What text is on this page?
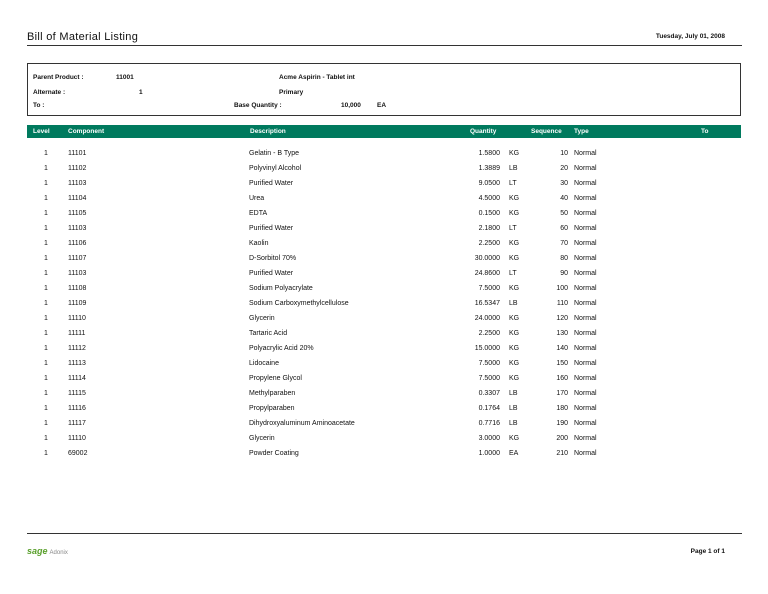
Bill of Material Listing	Tuesday, July 01, 2008
Parent Product :	11001	Acme Aspirin - Tablet int
Alternate :	1	Primary
To :	Base Quantity :	10,000 EA
Level	Component	Description	Quantity	Sequence Type	To
1	11101	Gelatin - B Type	1.5800 KG	10 Normal
1	11102	Polyvinyl Alcohol	1.3889 LB	20 Normal
1	11103	Purified Water	9.0500 LT	30 Normal
1	11104	Urea	4.5000 KG	40 Normal
1	11105	EDTA	0.1500 KG	50 Normal
1	11103	Purified Water	2.1800 LT	60 Normal
1	11106	Kaolin	2.2500 KG	70 Normal
1	11107	D-Sorbitol 70%	30.0000 KG	80 Normal
1	11103	Purified Water	24.8600 LT	90 Normal
1	11108	Sodium Polyacrylate	7.5000 KG	100 Normal
1	11109	Sodium Carboxymethylcellulose	16.5347 LB	110 Normal
1	11110	Glycerin	24.0000 KG	120 Normal
1	11111	Tartaric Acid	2.2500 KG	130 Normal
1	11112	Polyacrylic Acid 20%	15.0000 KG	140 Normal
1	11113	Lidocaine	7.5000 KG	150 Normal
1	11114	Propylene Glycol	7.5000 KG	160 Normal
1	11115	Methylparaben	0.3307 LB	170 Normal
1	11116	Propylparaben	0.1764 LB	180 Normal
1	11117	Dihydroxyaluminum Aminoacetate	0.7716 LB	190 Normal
1	11110	Glycerin	3.0000 KG	200 Normal
1	69002	Powder Coating	1.0000 EA	210 Normal
sage Adonix	Page 1 of 1
